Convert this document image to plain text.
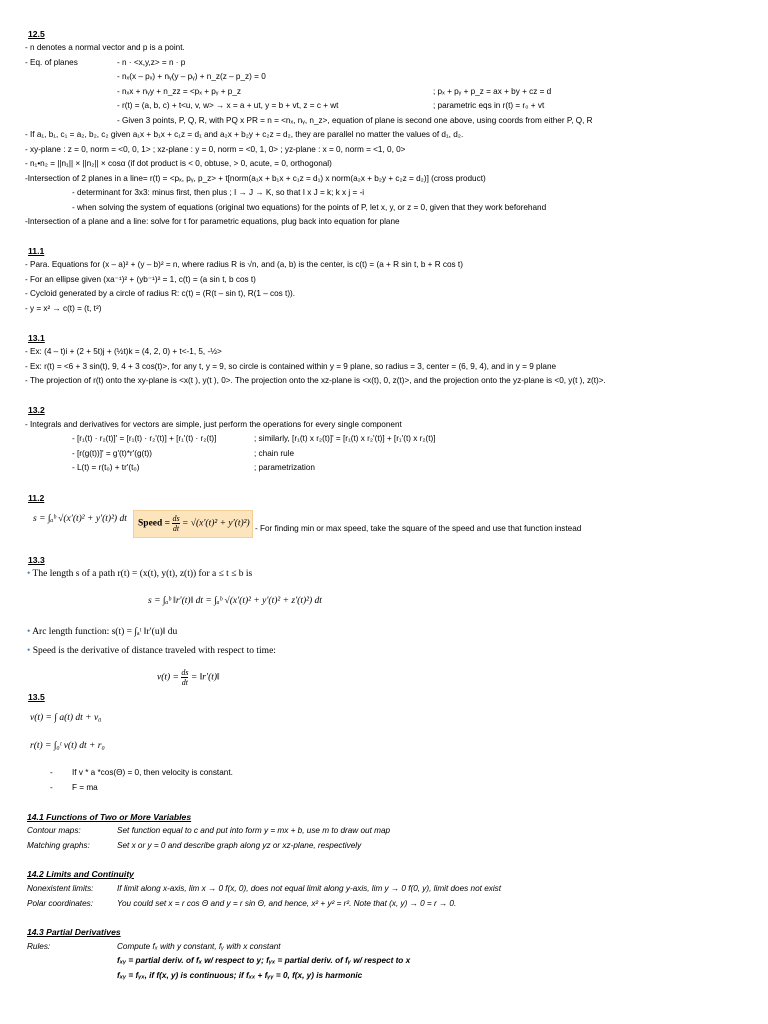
12.5
- n denotes a normal vector and p is a point.
- Eq. of planes	- n · <x,y,z> = n · p
- nₓ(x – pₓ) + nᵧ(y – pᵧ) + n_z(z – p_z) = 0
- nₓx + nᵧy + n_zz = <pₓ + pᵧ + p_z	; pₓ + pᵧ + p_z = ax + by + cz = d
- r(t) = (a, b, c) + t<u, v, w> → x = a + ut, y = b + vt, z = c + wt	; parametric eqs in r(t) = r₀ + vt
- Given 3 points, P, Q, R, with PQ x PR = n = <nₓ, nᵧ, n_z>, equation of plane is second one above, using coords from either P, Q, R
- If a₁, b₁, c₁ = a₂, b₂, c₂ given a₁x + b₁x + c₁z = d₁ and a₂x + b₂y + c₂z = d₂, they are parallel no matter the values of d₁, d₂.
- xy-plane : z = 0, norm = <0, 0, 1> ; xz-plane : y = 0, norm = <0, 1, 0> ; yz-plane : x = 0, norm = <1, 0, 0>
- n₁•n₂ = ||n₁|| × ||n₂|| × cosα (if dot product is < 0, obtuse, > 0, acute, = 0, orthogonal)
-Intersection of 2 planes in a line= r(t) = <pₓ, pᵧ, p_z> + t[norm(a₁x + b₁x + c₁z = d₁) x norm(a₂x + b₂y + c₂z = d₂)] (cross product)
- determinant for 3x3: minus first, then plus ; I → J → K, so that I x J = k; k x j = -i
- when solving the system of equations (original two equations) for the points of P, let x, y, or z = 0, given that they work beforehand
-Intersection of a plane and a line: solve for t for parametric equations, plug back into equation for plane
11.1
- Para. Equations for (x – a)² + (y – b)² = n, where radius R is √n, and (a, b) is the center, is c(t) = (a + R sin t, b + R cos t)
- For an ellipse given (xa⁻¹)² + (yb⁻¹)² = 1, c(t) = (a sin t, b cos t)
- Cycloid generated by a circle of radius R: c(t) = (R(t – sin t), R(1 – cos t)).
- y = x² → c(t) = (t, t²)
13.1
- Ex: (4 – t)i + (2 + 5t)j + (½t)k = (4, 2, 0) + t<-1, 5, -½>
- Ex: r(t) = <6 + 3 sin(t), 9, 4 + 3 cos(t)>, for any t, y = 9, so circle is contained within y = 9 plane, so radius = 3, center = (6, 9, 4), and in y = 9 plane
- The projection of r(t) onto the xy-plane is <x(t ), y(t ), 0>. The projection onto the xz-plane is <x(t), 0, z(t)>, and the projection onto the yz-plane is <0, y(t ), z(t)>.
13.2
- Integrals and derivatives for vectors are simple, just perform the operations for every single component
- [r₁(t) · r₂(t)]' = [r₁(t) · r₂'(t)] + [r₁'(t) · r₂(t)]	; similarly, [r₁(t) x r₂(t)]' = [r₁(t) x r₂'(t)] + [r₁'(t) x r₂(t)]
- [r(g(t))]' = g'(t)*r'(g(t))	; chain rule
- L(t) = r(t₀) + tr'(t₀)	; parametrization
11.2
s = ∫ₐᵇ √(x′(t)² + y′(t)²) dt Speed = $\frac{ds}{dt} = √(x'(t)^2 + y'(t)^2)$ - For finding min or max speed, take the square of the speed and use that function instead
13.3
• The length s of a path r(t) = (x(t), y(t), z(t)) for a ≤ t ≤ b is
s = ∫ₐᵇ ‖r′(t)‖ dt = ∫ₐᵇ √(x′(t)² + y′(t)² + z′(t)²) dt
• Arc length function: s(t) = ∫ₐᵗ ‖r′(u)‖ du
• Speed is the derivative of distance traveled with respect to time:
$v(t) = \frac{ds}{dt}$ = ‖r′(t)‖
13.5
v(t) = ∫ a(t) dt + v₀
r(t) = ∫₀ᵗ v(t) dt + r₀
- If v * a *cos(Θ) = 0, then velocity is constant.
- F = ma
14.1 Functions of Two or More Variables
Contour maps:	Set function equal to c and put into form y = mx + b, use m to draw out map
Matching graphs:	Set x or y = 0 and describe graph along yz or xz-plane, respectively
14.2 Limits and Continuity
Nonexistent limits:	If limit along x-axis, lim x → 0 f(x, 0), does not equal limit along y-axis, lim y → 0 f(0, y), limit does not exist
Polar coordinates:	You could set x = r cos Θ and y = r sin Θ, and hence, x² + y² = r². Note that (x, y) → 0 = r → 0.
14.3 Partial Derivatives
Rules:	Compute fₓ with y constant, fᵧ with x constant
fₓᵧ = partial deriv. of fₓ w/ respect to y; fᵧₓ = partial deriv. of fᵧ w/ respect to x
fₓᵧ = fᵧₓ, if f(x, y) is continuous; if fₓₓ + fᵧᵧ = 0, f(x, y) is harmonic
